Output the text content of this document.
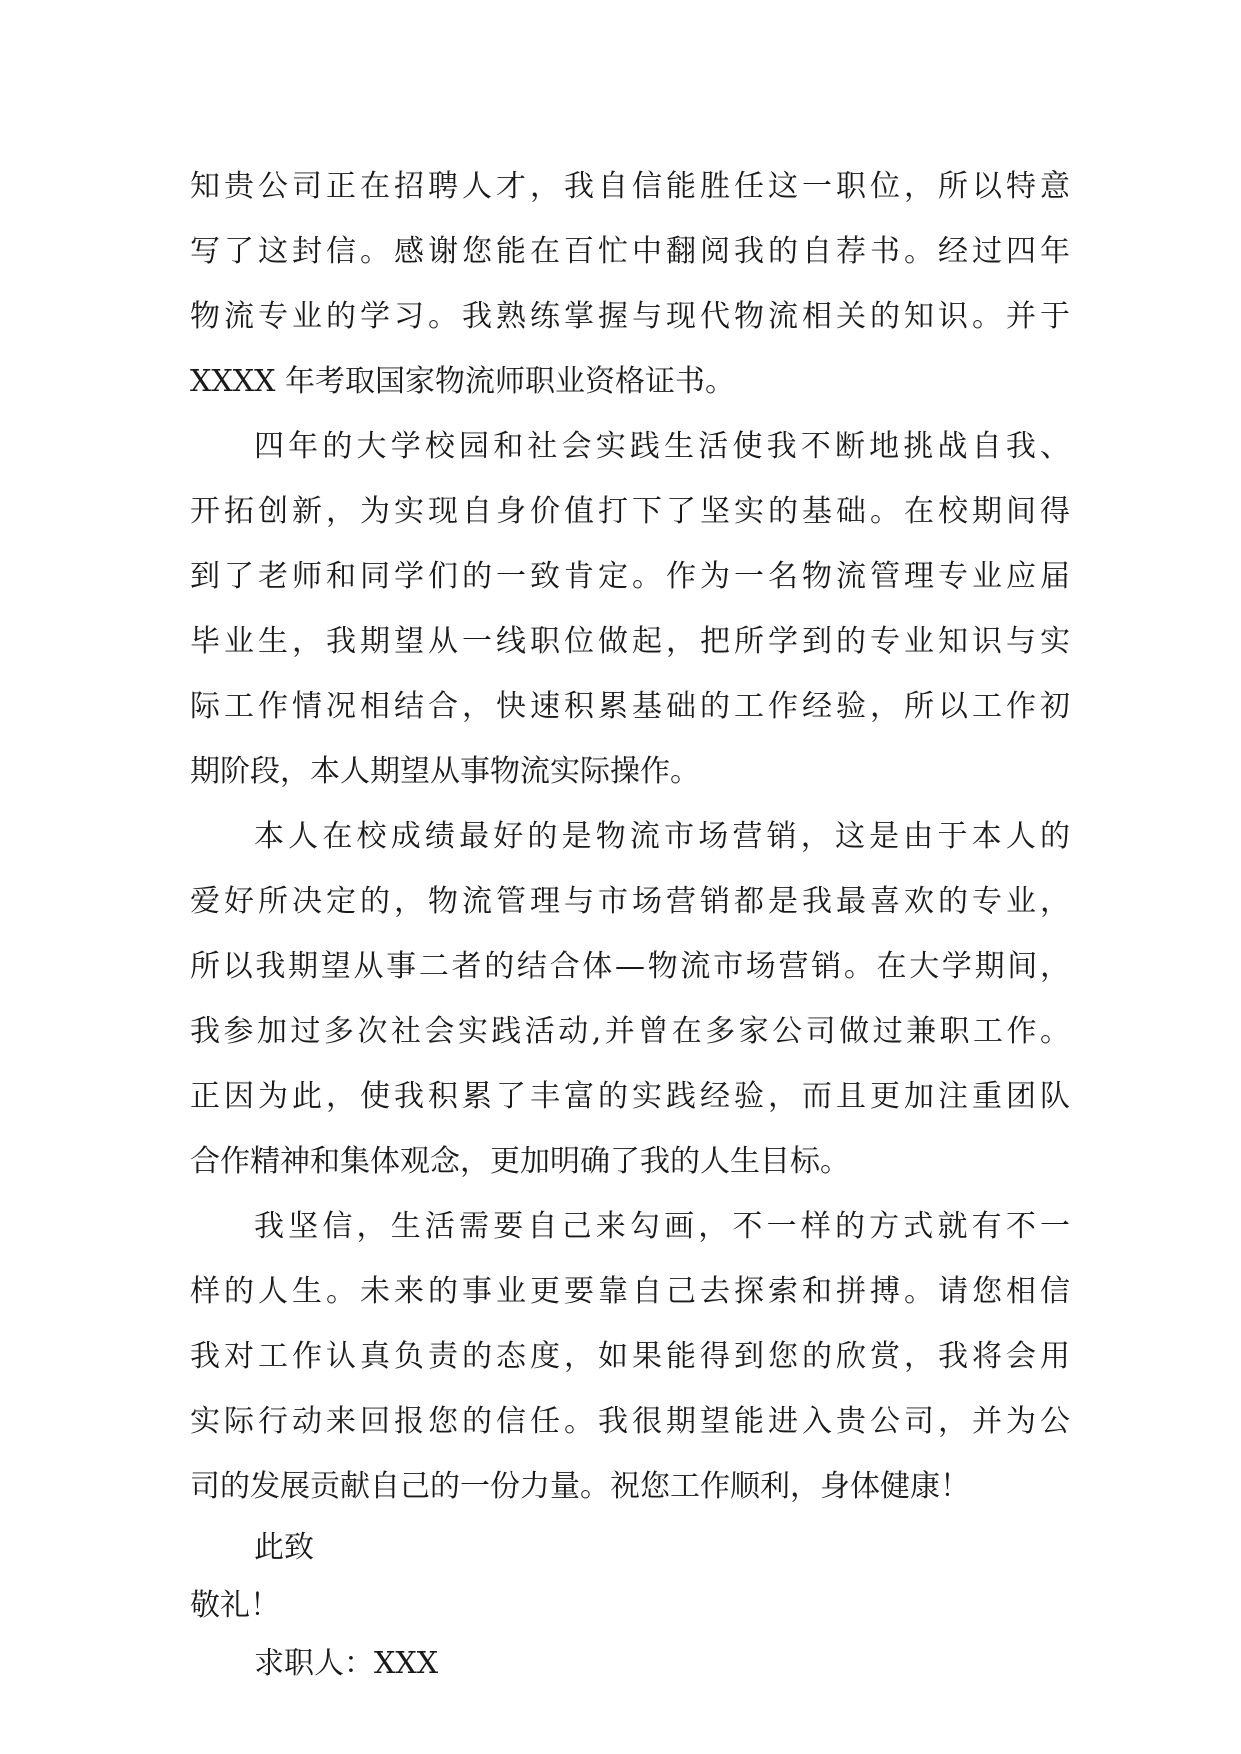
知贵公司正在招聘人才，我自信能胜任这一职位，所以特意
写了这封信。感谢您能在百忙中翻阅我的自荐书。经过四年
物流专业的学习。我熟练掌握与现代物流相关的知识。并于
XXXX 年考取国家物流师职业资格证书。
四年的大学校园和社会实践生活使我不断地挑战自我、
开拓创新，为实现自身价值打下了坚实的基础。在校期间得
到了老师和同学们的一致肯定。作为一名物流管理专业应届
毕业生，我期望从一线职位做起，把所学到的专业知识与实
际工作情况相结合，快速积累基础的工作经验，所以工作初
期阶段，本人期望从事物流实际操作。
本人在校成绩最好的是物流市场营销，这是由于本人的
爱好所决定的，物流管理与市场营销都是我最喜欢的专业，
所以我期望从事二者的结合体—物流市场营销。在大学期间，
我参加过多次社会实践活动,并曾在多家公司做过兼职工作。
正因为此，使我积累了丰富的实践经验，而且更加注重团队
合作精神和集体观念，更加明确了我的人生目标。
我坚信，生活需要自己来勾画，不一样的方式就有不一
样的人生。未来的事业更要靠自己去探索和拼搏。请您相信
我对工作认真负责的态度，如果能得到您的欣赏，我将会用
实际行动来回报您的信任。我很期望能进入贵公司，并为公
司的发展贡献自己的一份力量。祝您工作顺利，身体健康！
此致
敬礼！
求职人：XXX
